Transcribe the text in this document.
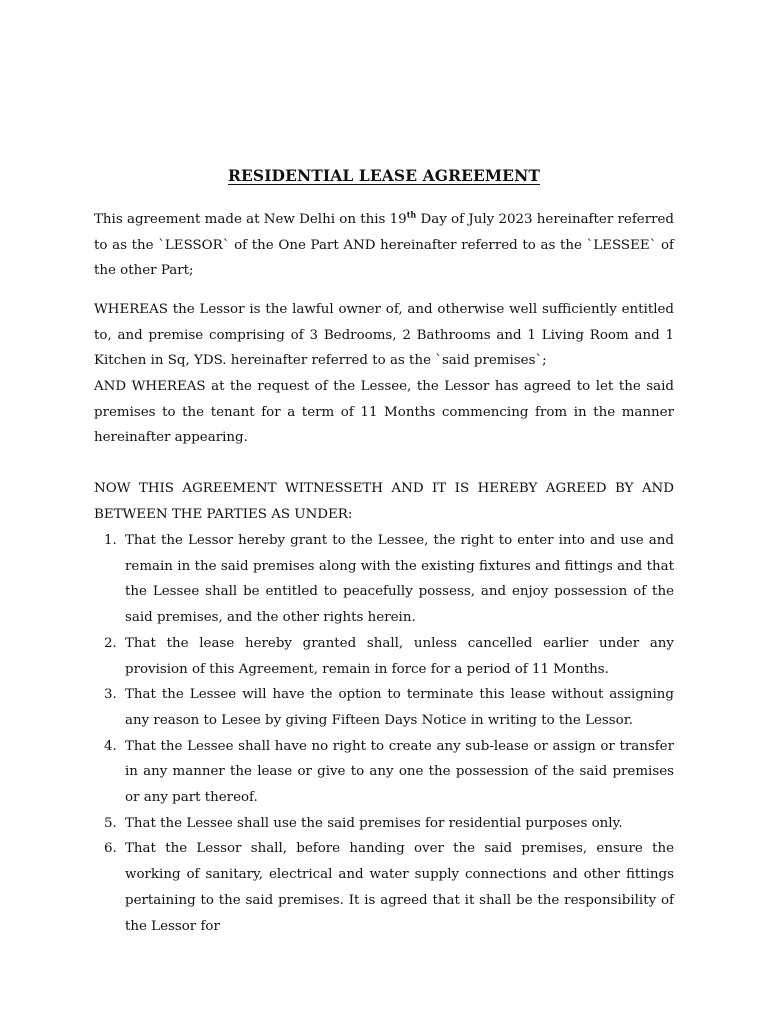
RESIDENTIAL LEASE AGREEMENT
This agreement made at New Delhi on this 19th Day of July 2023 hereinafter referred to as the `LESSOR` of the One Part AND hereinafter referred to as the `LESSEE` of the other Part;
WHEREAS the Lessor is the lawful owner of, and otherwise well sufficiently entitled to, and premise comprising of 3 Bedrooms, 2 Bathrooms and 1 Living Room and 1 Kitchen in Sq, YDS. hereinafter referred to as the `said premises`;
AND WHEREAS at the request of the Lessee, the Lessor has agreed to let the said premises to the tenant for a term of 11 Months commencing from in the manner hereinafter appearing.
NOW THIS AGREEMENT WITNESSETH AND IT IS HEREBY AGREED BY AND BETWEEN THE PARTIES AS UNDER:
1. That the Lessor hereby grant to the Lessee, the right to enter into and use and remain in the said premises along with the existing fixtures and fittings and that the Lessee shall be entitled to peacefully possess, and enjoy possession of the said premises, and the other rights herein.
2. That the lease hereby granted shall, unless cancelled earlier under any provision of this Agreement, remain in force for a period of 11 Months.
3. That the Lessee will have the option to terminate this lease without assigning any reason to Lesee by giving Fifteen Days Notice in writing to the Lessor.
4. That the Lessee shall have no right to create any sub-lease or assign or transfer in any manner the lease or give to any one the possession of the said premises or any part thereof.
5. That the Lessee shall use the said premises for residential purposes only.
6. That the Lessor shall, before handing over the said premises, ensure the working of sanitary, electrical and water supply connections and other fittings pertaining to the said premises. It is agreed that it shall be the responsibility of the Lessor for
